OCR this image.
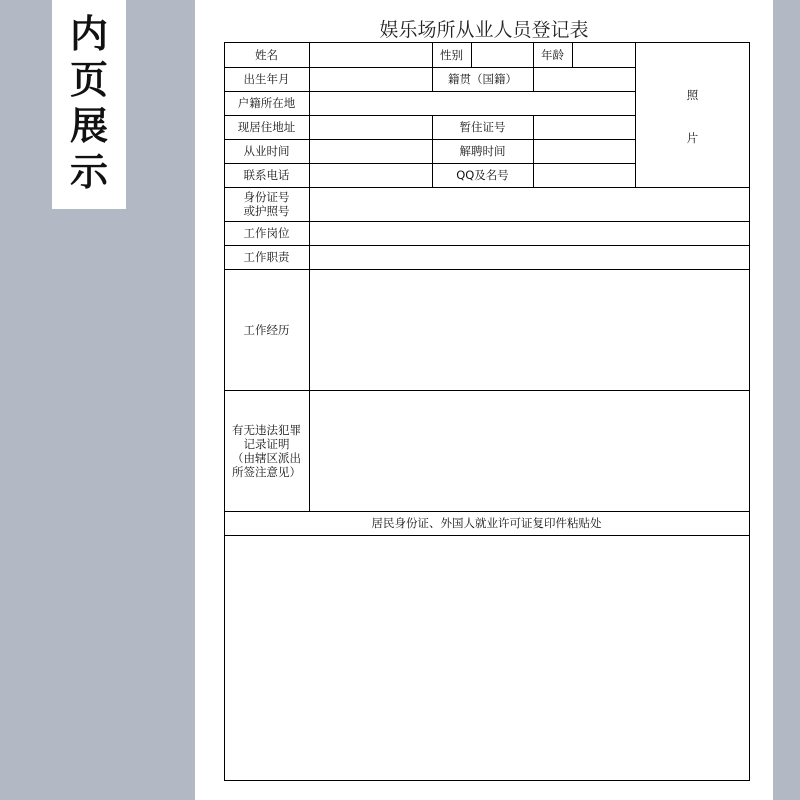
内
页
展
示
娱乐场所从业人员登记表
姓名	性别	年龄
出生年月	籍贯（国籍）
户籍所在地
现居住地址	暂住证号
从业时间	解聘时间
联系电话	QQ及名号
照
片
身份证号
或护照号
工作岗位
工作职责
工作经历
有无违法犯罪
记录证明
（由辖区派出
所签注意见）
居民身份证、外国人就业许可证复印件粘贴处
